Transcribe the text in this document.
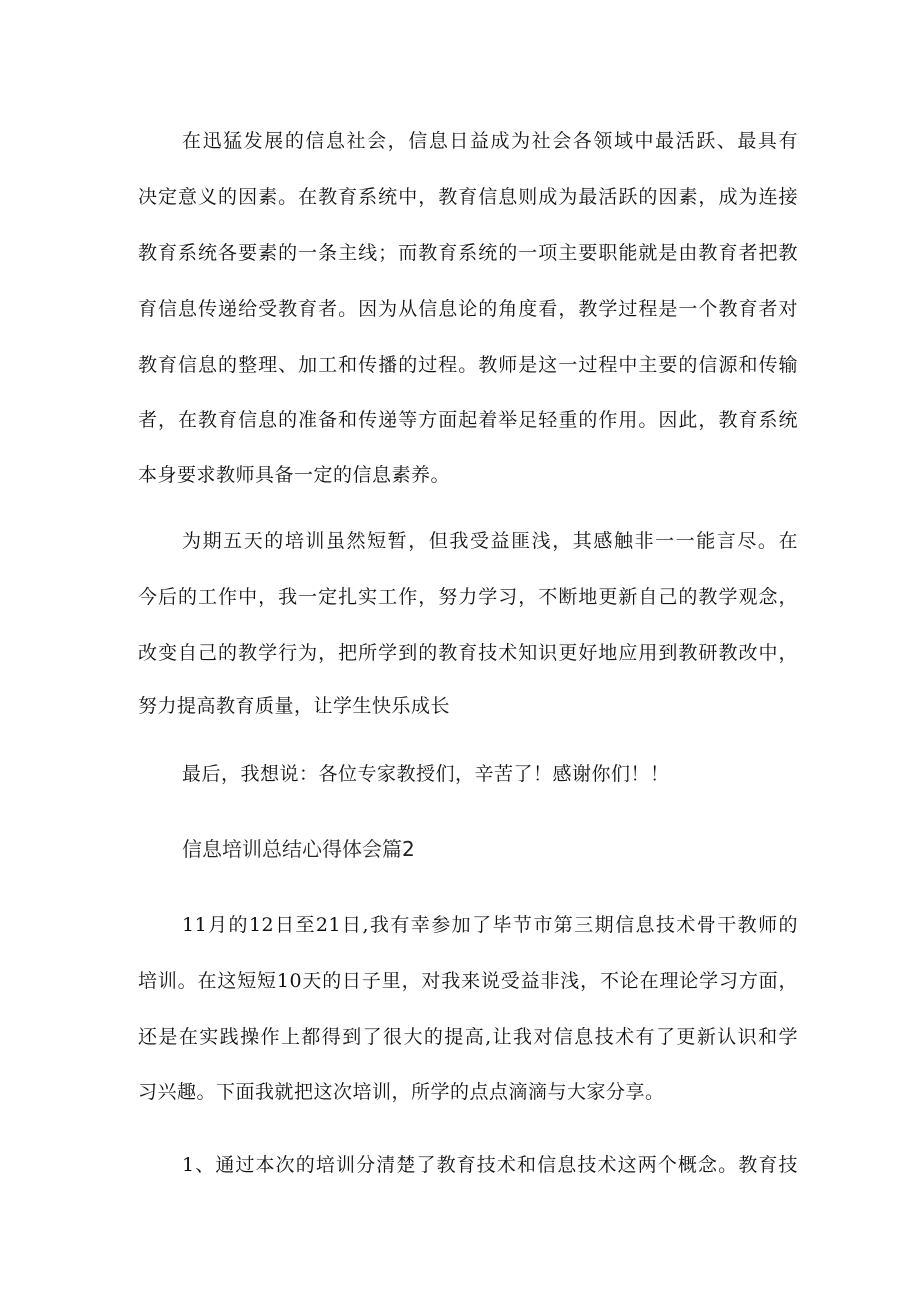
在迅猛发展的信息社会，信息日益成为社会各领域中最活跃、最具有
决定意义的因素。在教育系统中，教育信息则成为最活跃的因素，成为连接
教育系统各要素的一条主线；而教育系统的一项主要职能就是由教育者把教
育信息传递给受教育者。因为从信息论的角度看，教学过程是一个教育者对
教育信息的整理、加工和传播的过程。教师是这一过程中主要的信源和传输
者，在教育信息的准备和传递等方面起着举足轻重的作用。因此，教育系统
本身要求教师具备一定的信息素养。
为期五天的培训虽然短暂，但我受益匪浅，其感触非一一能言尽。在
今后的工作中，我一定扎实工作，努力学习，不断地更新自己的教学观念，
改变自己的教学行为，把所学到的教育技术知识更好地应用到教研教改中，
努力提高教育质量，让学生快乐成长
最后，我想说：各位专家教授们，辛苦了！感谢你们！！
信息培训总结心得体会篇2
11月的12日至21日,我有幸参加了毕节市第三期信息技术骨干教师的
培训。在这短短10天的日子里，对我来说受益非浅，不论在理论学习方面，
还是在实践操作上都得到了很大的提高,让我对信息技术有了更新认识和学
习兴趣。下面我就把这次培训，所学的点点滴滴与大家分享。
1、通过本次的培训分清楚了教育技术和信息技术这两个概念。教育技
